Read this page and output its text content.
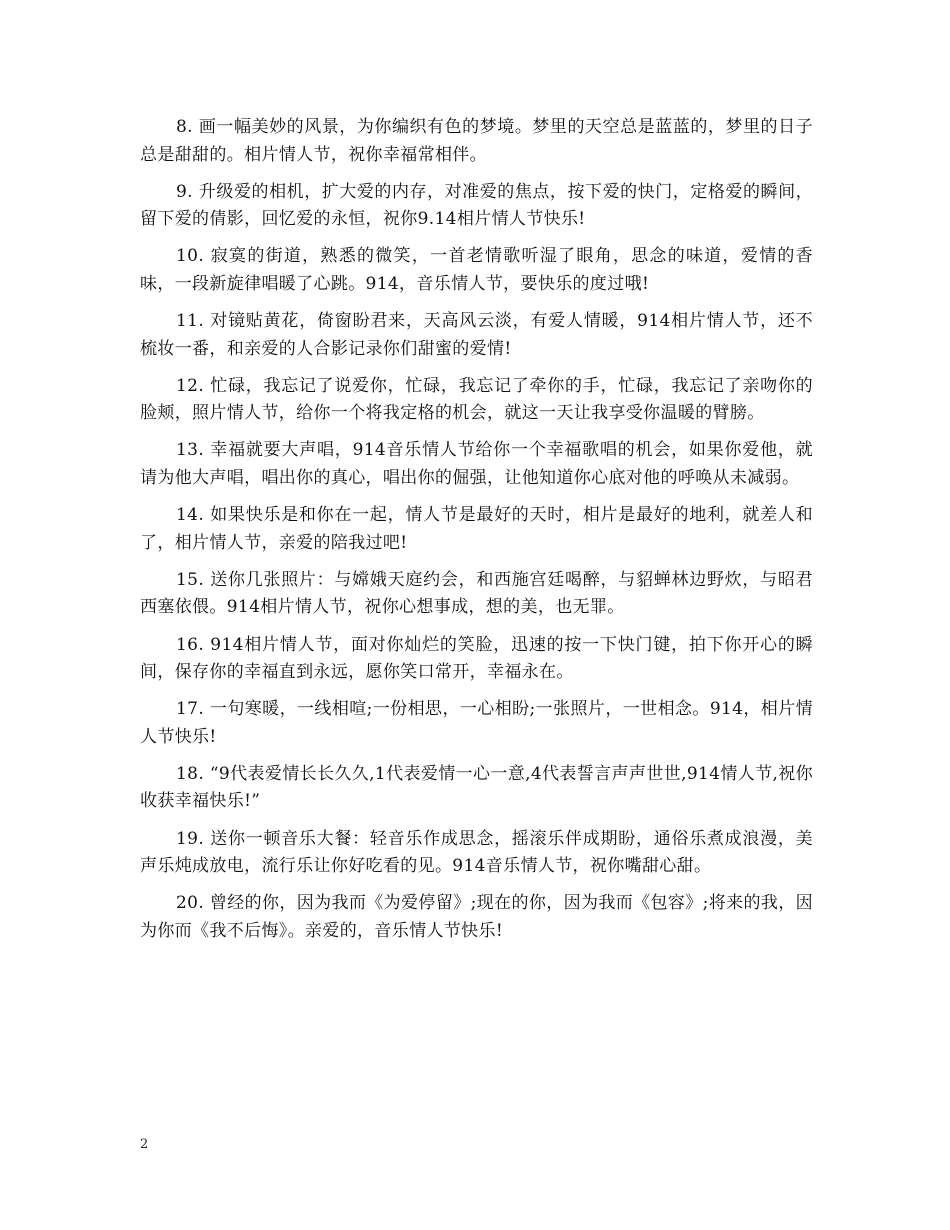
8. 画一幅美妙的风景，为你编织有色的梦境。梦里的天空总是蓝蓝的，梦里的日子总是甜甜的。相片情人节，祝你幸福常相伴。

9. 升级爱的相机，扩大爱的内存，对准爱的焦点，按下爱的快门，定格爱的瞬间，留下爱的倩影，回忆爱的永恒，祝你9.14相片情人节快乐!

10. 寂寞的街道，熟悉的微笑，一首老情歌听湿了眼角，思念的味道，爱情的香味，一段新旋律唱暖了心跳。914，音乐情人节，要快乐的度过哦!

11. 对镜贴黄花，倚窗盼君来，天高风云淡，有爱人情暖，914相片情人节，还不梳妆一番，和亲爱的人合影记录你们甜蜜的爱情!

12. 忙碌，我忘记了说爱你，忙碌，我忘记了牵你的手，忙碌，我忘记了亲吻你的脸颊，照片情人节，给你一个将我定格的机会，就这一天让我享受你温暖的臂膀。

13. 幸福就要大声唱，914音乐情人节给你一个幸福歌唱的机会，如果你爱他，就请为他大声唱，唱出你的真心，唱出你的倔强，让他知道你心底对他的呼唤从未减弱。

14. 如果快乐是和你在一起，情人节是最好的天时，相片是最好的地利，就差人和了，相片情人节，亲爱的陪我过吧!

15. 送你几张照片：与嫦娥天庭约会，和西施宫廷喝醉，与貂蝉林边野炊，与昭君西塞依偎。914相片情人节，祝你心想事成，想的美，也无罪。

16. 914相片情人节，面对你灿烂的笑脸，迅速的按一下快门键，拍下你开心的瞬间，保存你的幸福直到永远，愿你笑口常开，幸福永在。

17. 一句寒暖，一线相喧;一份相思，一心相盼;一张照片，一世相念。914，相片情人节快乐!

18. “9代表爱情长长久久,1代表爱情一心一意,4代表誓言声声世世,914情人节,祝你收获幸福快乐!”

19. 送你一顿音乐大餐：轻音乐作成思念，摇滚乐伴成期盼，通俗乐煮成浪漫，美声乐炖成放电，流行乐让你好吃看的见。914音乐情人节，祝你嘴甜心甜。

20. 曾经的你，因为我而《为爱停留》;现在的你，因为我而《包容》;将来的我，因为你而《我不后悔》。亲爱的，音乐情人节快乐!

2
